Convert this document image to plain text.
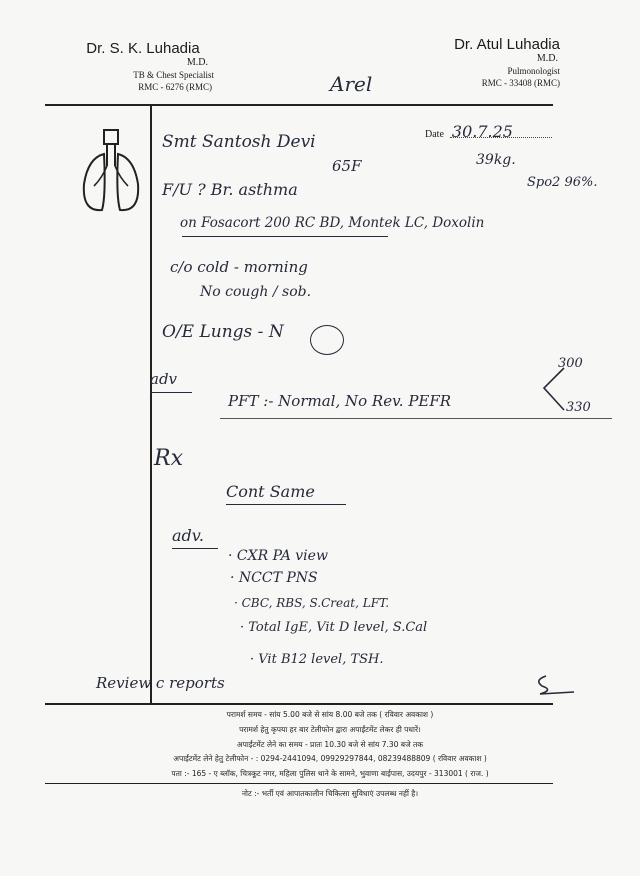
Dr. S. K. Luhadia
M.D.
TB & Chest Specialist
RMC - 6276 (RMC)
Dr. Atul Luhadia
M.D.
Pulmonologist
RMC - 33408 (RMC)
Arel
Date 30.7.25
Smt Santosh Devi
65F	39kg.
Spo2 96%.
F/U ? Br. asthma
on Fosacort 200 RC BD, Montek LC, Doxolin
c/o cold - morning
No cough / sob.
O/E Lungs - N
adv
PFT :- Normal, No Rev. PEFR
300
330
Rx
Cont Same
adv.
· CXR PA view
· NCCT PNS
· CBC, RBS, S.Creat, LFT.
· Total IgE, Vit D level, S.Cal
· Vit B12 level, TSH.
Review c reports
परामर्श समय - सांय 5.00 बजे से सांय 8.00 बजे तक ( रविवार अवकाश )
परामर्श हेतु कृपया हर बार टेलीफोन द्वारा अपाईंटमेंट लेकर ही पधारें।
अपाईंटमेंट लेने का समय - प्रातः 10.30 बजे से सांय 7.30 बजे तक
अपाईंटमेंट लेने हेतु टेलीफोन - : 0294-2441094, 09929297844, 08239488809 ( रविवार अवकाश )
पता :- 165 - ए ब्लॉक, चित्रकूट नगर, महिला पुलिस थाने के सामने, भुवाणा बाईपास, उदयपुर - 313001 ( राज. )
नोट :- भर्ती एवं आपातकालीन चिकित्सा सुविधाएं उपलब्ध नहीं है।
